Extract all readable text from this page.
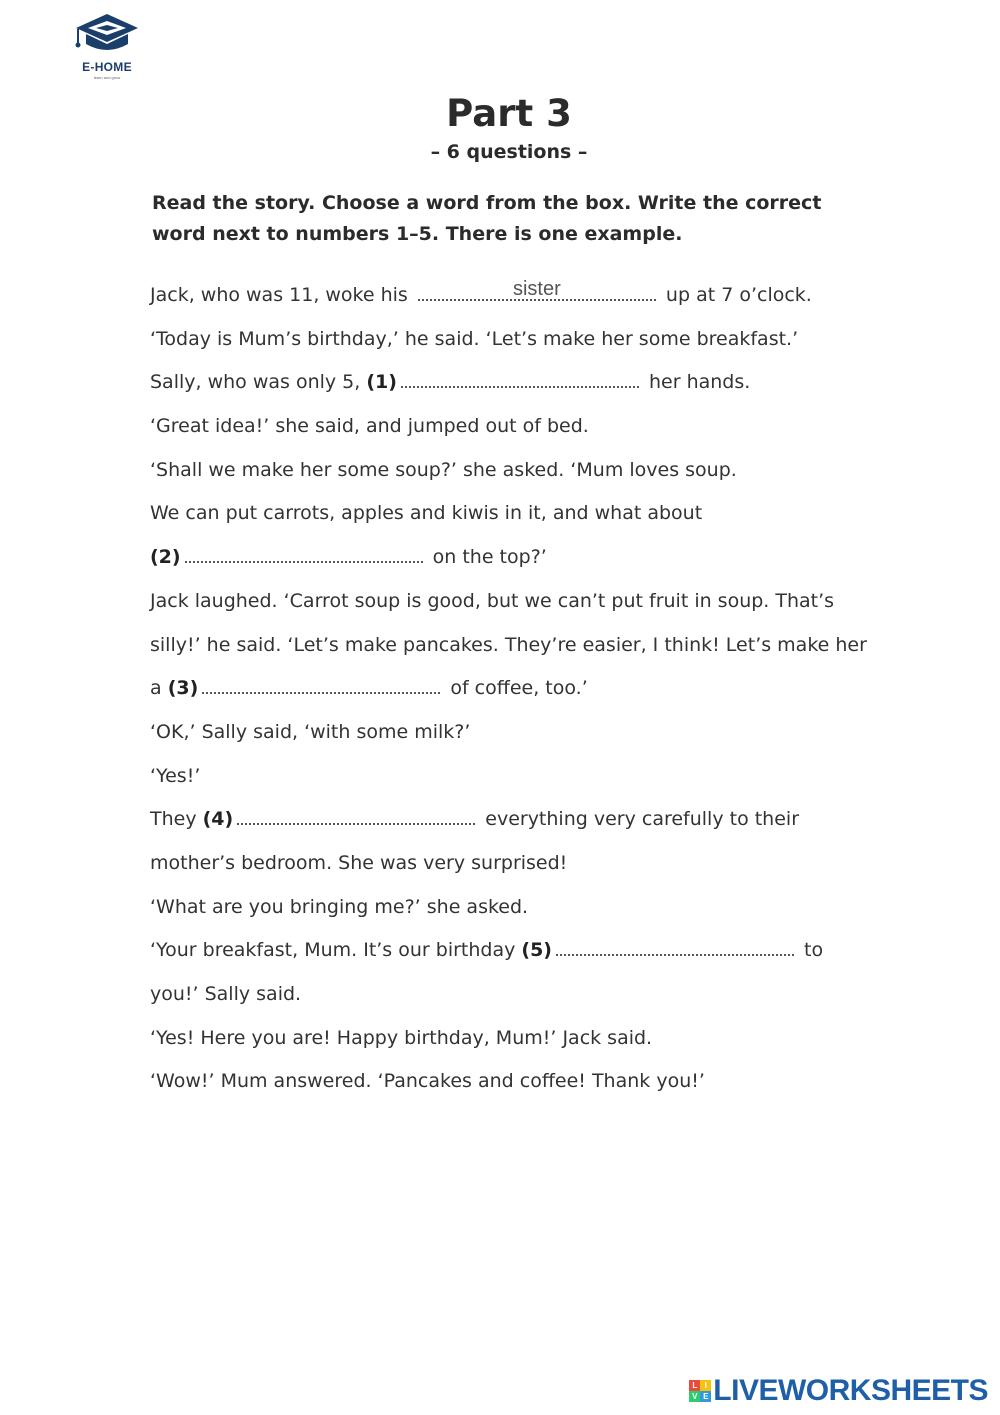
E-HOME
learn and grow
Part 3
– 6 questions –
Read the story. Choose a word from the box. Write the correct word next to numbers 1–5. There is one example.
Jack, who was 11, woke his	sister	up at 7 o’clock.
‘Today is Mum’s birthday,’ he said. ‘Let’s make her some breakfast.’
Sally, who was only 5, (1)	her hands.
‘Great idea!’ she said, and jumped out of bed.
‘Shall we make her some soup?’ she asked. ‘Mum loves soup.
We can put carrots, apples and kiwis in it, and what about
(2)	on the top?’
Jack laughed. ‘Carrot soup is good, but we can’t put fruit in soup. That’s
silly!’ he said. ‘Let’s make pancakes. They’re easier, I think! Let’s make her
a (3)	of coffee, too.’
‘OK,’ Sally said, ‘with some milk?’
‘Yes!’
They (4)	everything very carefully to their
mother’s bedroom. She was very surprised!
‘What are you bringing me?’ she asked.
‘Your breakfast, Mum. It’s our birthday (5)	to
you!’ Sally said.
‘Yes! Here you are! Happy birthday, Mum!’ Jack said.
‘Wow!’ Mum answered. ‘Pancakes and coffee! Thank you!’
L I
V E LIVEWORKSHEETS
